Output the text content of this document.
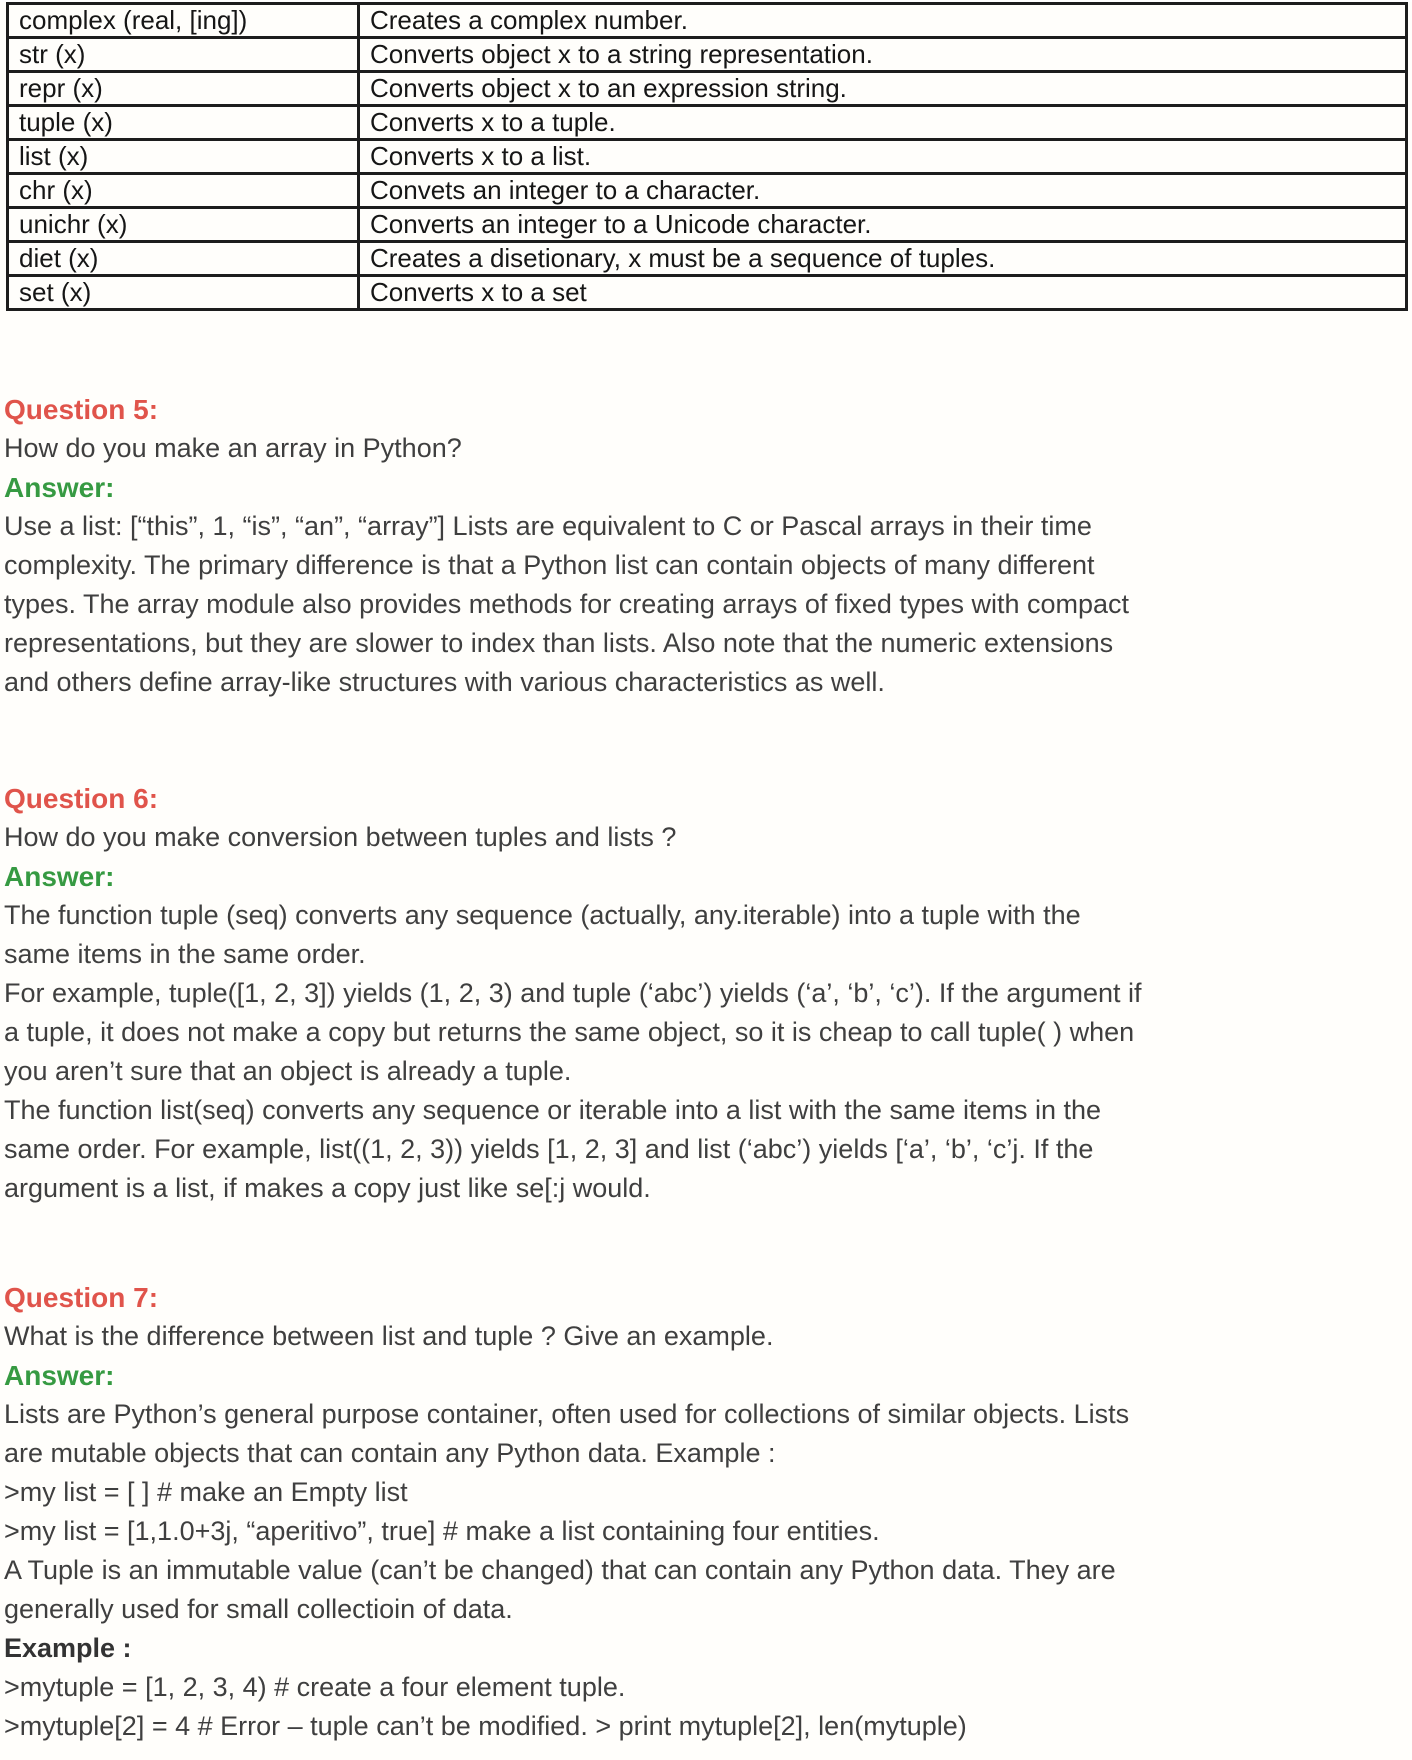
complex (real, [ing])	Creates a complex number.
str (x)	Converts object x to a string representation.
repr (x)	Converts object x to an expression string.
tuple (x)	Converts x to a tuple.
list (x)	Converts x to a list.
chr (x)	Convets an integer to a character.
unichr (x)	Converts an integer to a Unicode character.
diet (x)	Creates a disetionary, x must be a sequence of tuples.
set (x)	Converts x to a set
Question 5:
How do you make an array in Python?
Answer:
Use a list: [“this”, 1, “is”, “an”, “array”] Lists are equivalent to C or Pascal arrays in their time
complexity. The primary difference is that a Python list can contain objects of many different
types. The array module also provides methods for creating arrays of fixed types with compact
representations, but they are slower to index than lists. Also note that the numeric extensions
and others define array-like structures with various characteristics as well.
Question 6:
How do you make conversion between tuples and lists ?
Answer:
The function tuple (seq) converts any sequence (actually, any.iterable) into a tuple with the
same items in the same order.
For example, tuple([1, 2, 3]) yields (1, 2, 3) and tuple (‘abc’) yields (‘a’, ‘b’, ‘c’). If the argument if
a tuple, it does not make a copy but returns the same object, so it is cheap to call tuple( ) when
you aren’t sure that an object is already a tuple.
The function list(seq) converts any sequence or iterable into a list with the same items in the
same order. For example, list((1, 2, 3)) yields [1, 2, 3] and list (‘abc’) yields [‘a’, ‘b’, ‘c’j. If the
argument is a list, if makes a copy just like se[:j would.
Question 7:
What is the difference between list and tuple ? Give an example.
Answer:
Lists are Python’s general purpose container, often used for collections of similar objects. Lists
are mutable objects that can contain any Python data. Example :
>my list = [ ] # make an Empty list
>my list = [1,1.0+3j, “aperitivo”, true] # make a list containing four entities.
A Tuple is an immutable value (can’t be changed) that can contain any Python data. They are
generally used for small collectioin of data.
Example :
>mytuple = [1, 2, 3, 4) # create a four element tuple.
>mytuple[2] = 4 # Error – tuple can’t be modified. > print mytuple[2], len(mytuple)
